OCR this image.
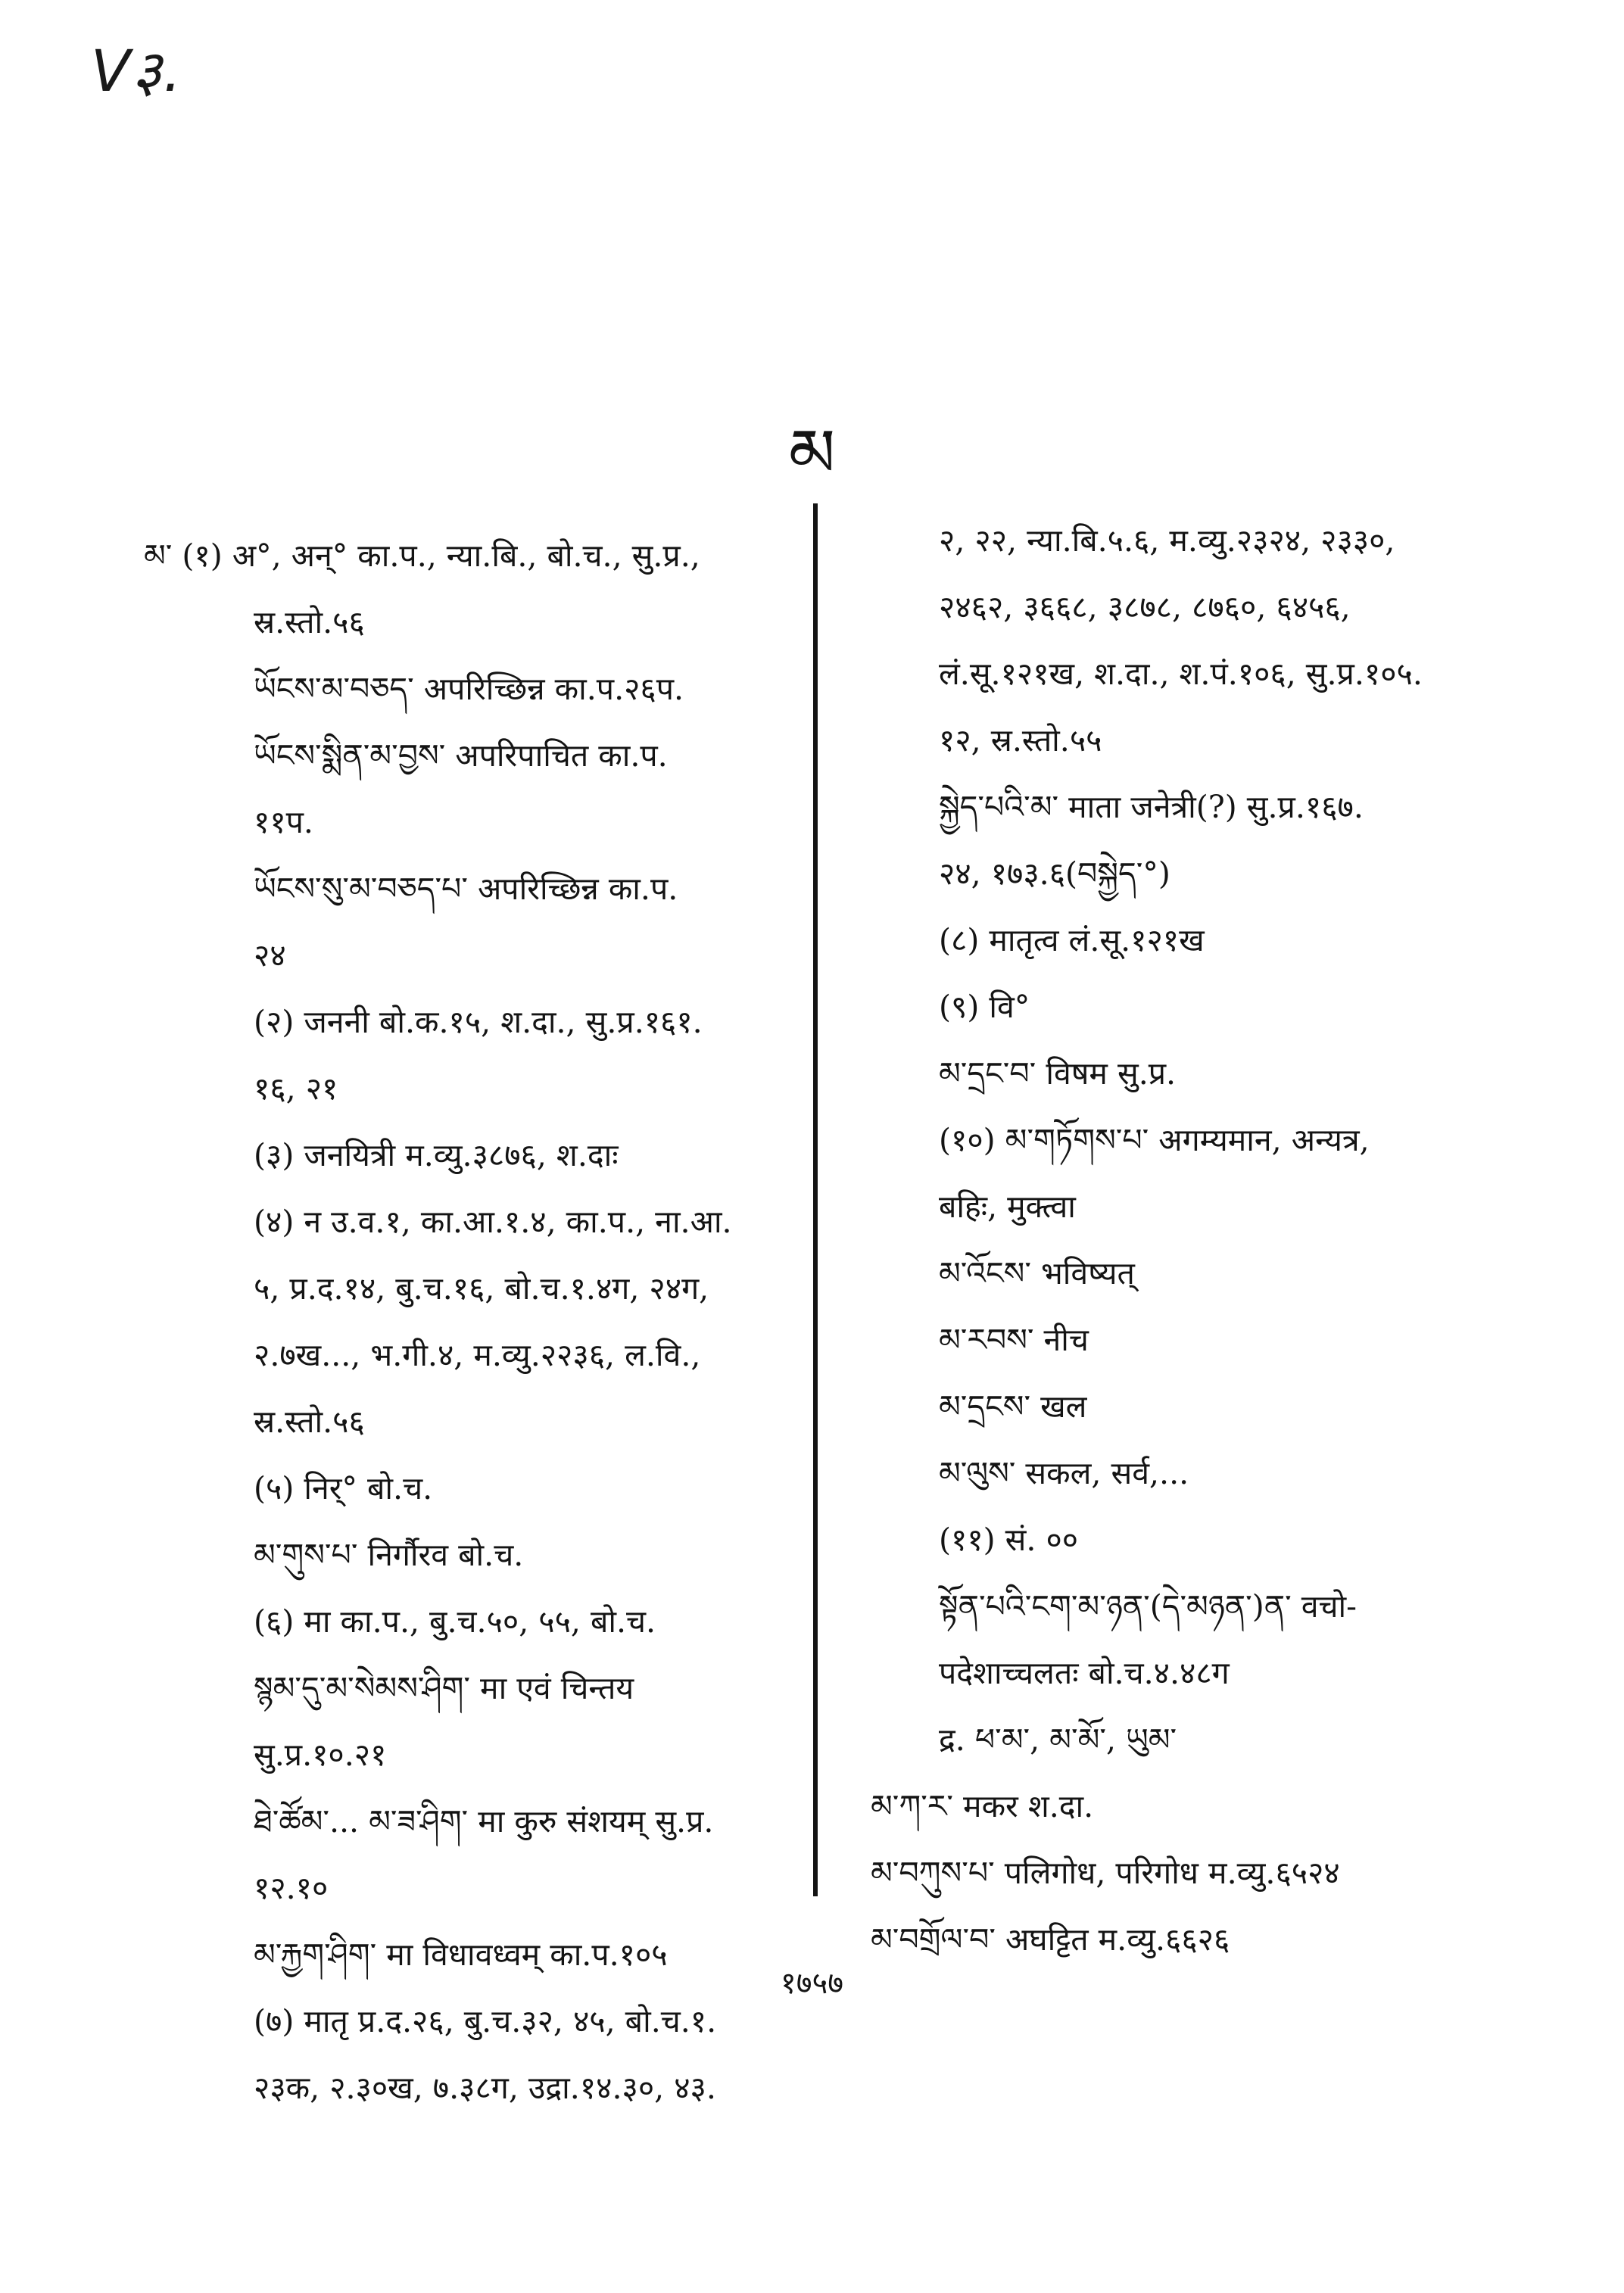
V३.
མ
མ་ (१) अ°, अन्° का.प., न्या.बि., बो.च., सु.प्र.,
स्र.स्तो.५६
ཡོངས་མ་བཅད་ अपरिच्छिन्न का.प.२६प.
ཡོངས་སྨིན་མ་བྱས་ अपरिपाचित का.प.
११प.
ཡོངས་སུ་མ་བཅད་པ་ अपरिच्छिन्न का.प.
२४
(२) जननी बो.क.१५, श.दा., सु.प्र.१६१.
१६, २१
(३) जनयित्री म.व्यु.३८७६, श.दाः
(४) न उ.व.१, का.आ.१.४, का.प., ना.आ.
५, प्र.द.१४, बु.च.१६, बो.च.१.४ग, २४ग,
२.७ख..., भ.गी.४, म.व्यु.२२३६, ल.वि.,
स्र.स्तो.५६
(५) निर्° बो.च.
མ་གུས་པ་ निर्गौरव बो.च.
(६) मा का.प., बु.च.५०, ५५, बो.च.
སྙམ་དུ་མ་སེམས་ཤིག་ मा एवं चिन्तय
सु.प्र.१०.२१
ཐེ་ཚོམ་... མ་ཟ་ཤིག་ मा कुरु संशयम् सु.प्र.
१२.१०
མ་རྐྱག་ཤིག་ मा विधावध्वम् का.प.१०५
(७) मातृ प्र.द.२६, बु.च.३२, ४५, बो.च.१.
२३क, २.३०ख, ७.३८ग, उद्रा.१४.३०, ४३.
२, २२, न्या.बि.५.६, म.व्यु.२३२४, २३३०,
२४६२, ३६६८, ३८७८, ८७६०, ६४५६,
लं.सू.१२१ख, श.दा., श.पं.१०६, सु.प्र.१०५.
१२, स्र.स्तो.५५
སྐྱེད་པའི་མ་ माता जनेत्री(?) सु.प्र.१६७.
२४, १७३.६(བསྐྱེད་°)
(८) मातृत्व लं.सू.१२१ख
(९) वि°
མ་དྲང་བ་ विषम सु.प्र.
(१०) མ་གཏོགས་པ་ अगम्यमान, अन्यत्र,
बहिः, मुक्त्वा
མ་འོངས་ भविष्यत्
མ་རབས་ नीच
མ་དྲངས་ खल
མ་ལུས་ सकल, सर्व,...
(११) सं. ००
སྟོན་པའི་ངག་མ་ཉན་(དེ་མཉན་)ན་ वचो-
पदेशाच्चलतः बो.च.४.४८ग
द्र. ཕ་མ་, མ་མོ་, ཡུམ་
མ་ཀ་ར་ मकर श.दा.
མ་བཀུས་པ་ पलिगोध, परिगोध म.व्यु.६५२४
མ་བགྲོལ་བ་ अघट्टित म.व्यु.६६२६
१७५७
